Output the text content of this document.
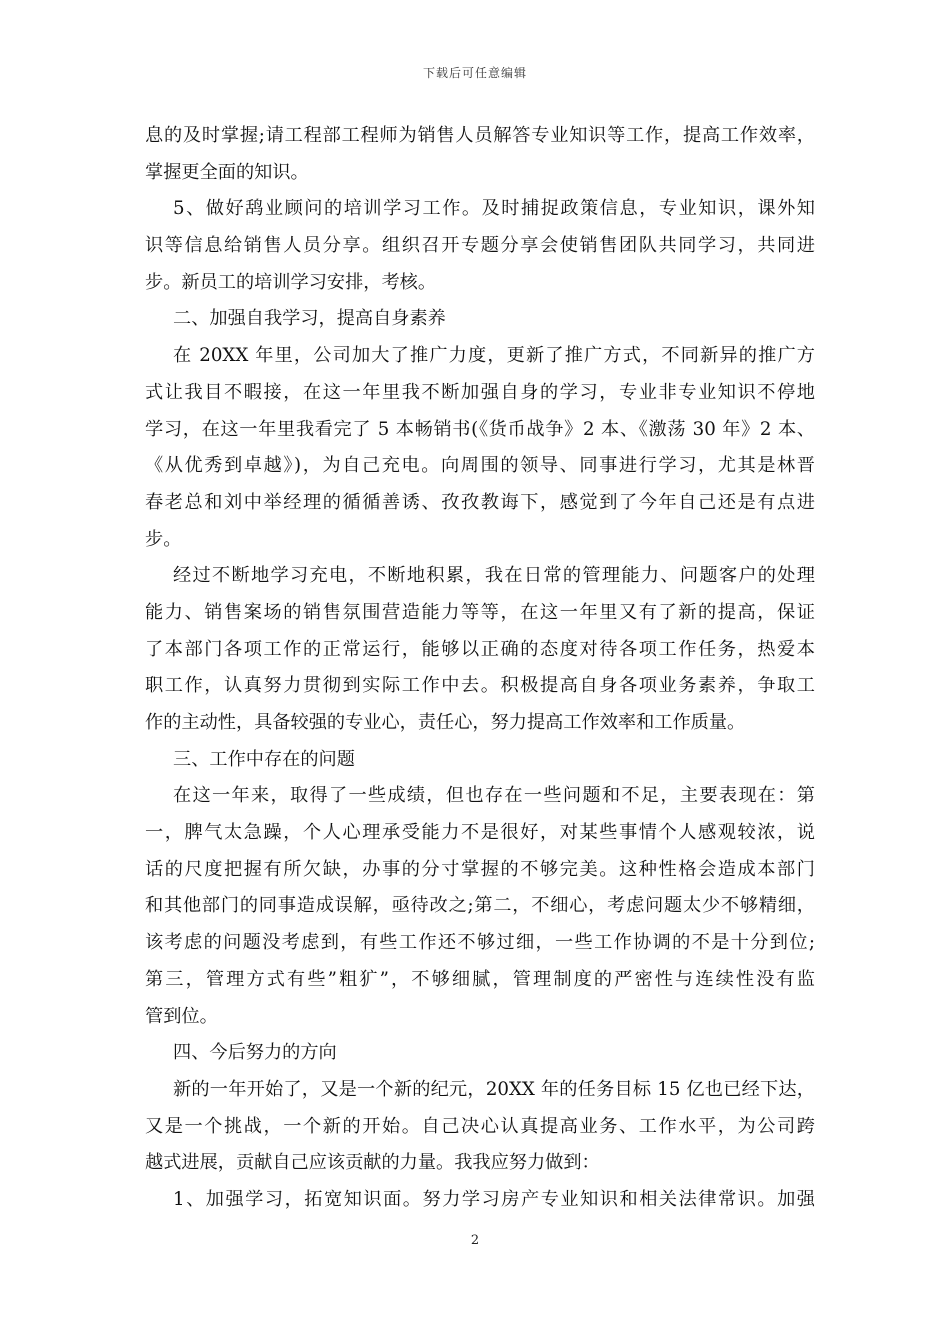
下载后可任意编辑
息的及时掌握;请工程部工程师为销售人员解答专业知识等工作，提高工作效率，
掌握更全面的知识。
5、做好鸹业顾问的培训学习工作。及时捕捉政策信息，专业知识，课外知
识等信息给销售人员分享。组织召开专题分享会使销售团队共同学习，共同进
步。新员工的培训学习安排，考核。
二、加强自我学习，提高自身素养
在 20XX 年里，公司加大了推广力度，更新了推广方式，不同新异的推广方
式让我目不暇接，在这一年里我不断加强自身的学习，专业非专业知识不停地
学习，在这一年里我看完了 5 本畅销书(《货币战争》2 本、《激荡 30 年》2 本、
《从优秀到卓越》)，为自己充电。向周围的领导、同事进行学习，尤其是林晋
春老总和刘中举经理的循循善诱、孜孜教诲下，感觉到了今年自己还是有点进
步。
经过不断地学习充电，不断地积累，我在日常的管理能力、问题客户的处理
能力、销售案场的销售氛围营造能力等等，在这一年里又有了新的提高，保证
了本部门各项工作的正常运行，能够以正确的态度对待各项工作任务，热爱本
职工作，认真努力贯彻到实际工作中去。积极提高自身各项业务素养，争取工
作的主动性，具备较强的专业心，责任心，努力提高工作效率和工作质量。
三、工作中存在的问题
在这一年来，取得了一些成绩，但也存在一些问题和不足，主要表现在：第
一，脾气太急躁，个人心理承受能力不是很好，对某些事情个人感观较浓，说
话的尺度把握有所欠缺，办事的分寸掌握的不够完美。这种性格会造成本部门
和其他部门的同事造成误解，亟待改之;第二，不细心，考虑问题太少不够精细，
该考虑的问题没考虑到，有些工作还不够过细，一些工作协调的不是十分到位;
第三，管理方式有些”粗犷”，不够细腻，管理制度的严密性与连续性没有监
管到位。
四、今后努力的方向
新的一年开始了，又是一个新的纪元，20XX 年的任务目标 15 亿也已经下达，
又是一个挑战，一个新的开始。自己决心认真提高业务、工作水平，为公司跨
越式进展，贡献自己应该贡献的力量。我我应努力做到：
1、加强学习，拓宽知识面。努力学习房产专业知识和相关法律常识。加强
2
